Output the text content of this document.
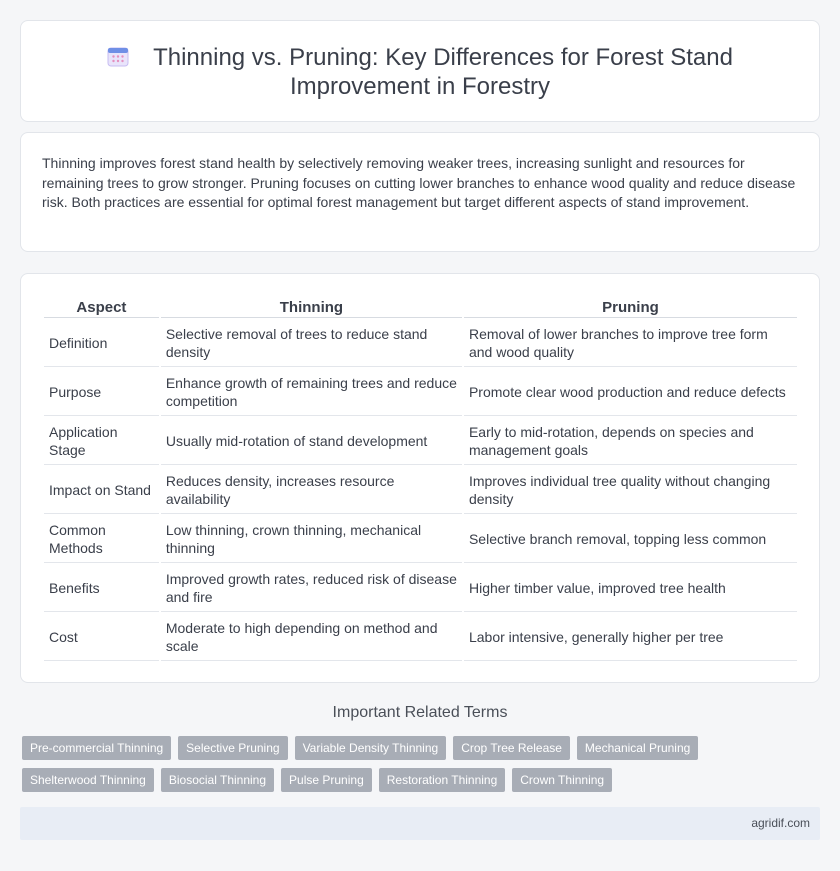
Thinning vs. Pruning: Key Differences for Forest Stand Improvement in Forestry

Thinning improves forest stand health by selectively removing weaker trees, increasing sunlight and resources for remaining trees to grow stronger. Pruning focuses on cutting lower branches to enhance wood quality and reduce disease risk. Both practices are essential for optimal forest management but target different aspects of stand improvement.

Aspect	Thinning	Pruning
Definition	Selective removal of trees to reduce stand density	Removal of lower branches to improve tree form and wood quality
Purpose	Enhance growth of remaining trees and reduce competition	Promote clear wood production and reduce defects
Application Stage	Usually mid-rotation of stand development	Early to mid-rotation, depends on species and management goals
Impact on Stand	Reduces density, increases resource availability	Improves individual tree quality without changing density
Common Methods	Low thinning, crown thinning, mechanical thinning	Selective branch removal, topping less common
Benefits	Improved growth rates, reduced risk of disease and fire	Higher timber value, improved tree health
Cost	Moderate to high depending on method and scale	Labor intensive, generally higher per tree
Important Related Terms
Pre-commercial Thinning	Selective Pruning	Variable Density Thinning	Crop Tree Release	Mechanical Pruning
Shelterwood Thinning	Biosocial Thinning	Pulse Pruning	Restoration Thinning	Crown Thinning
agridif.com
